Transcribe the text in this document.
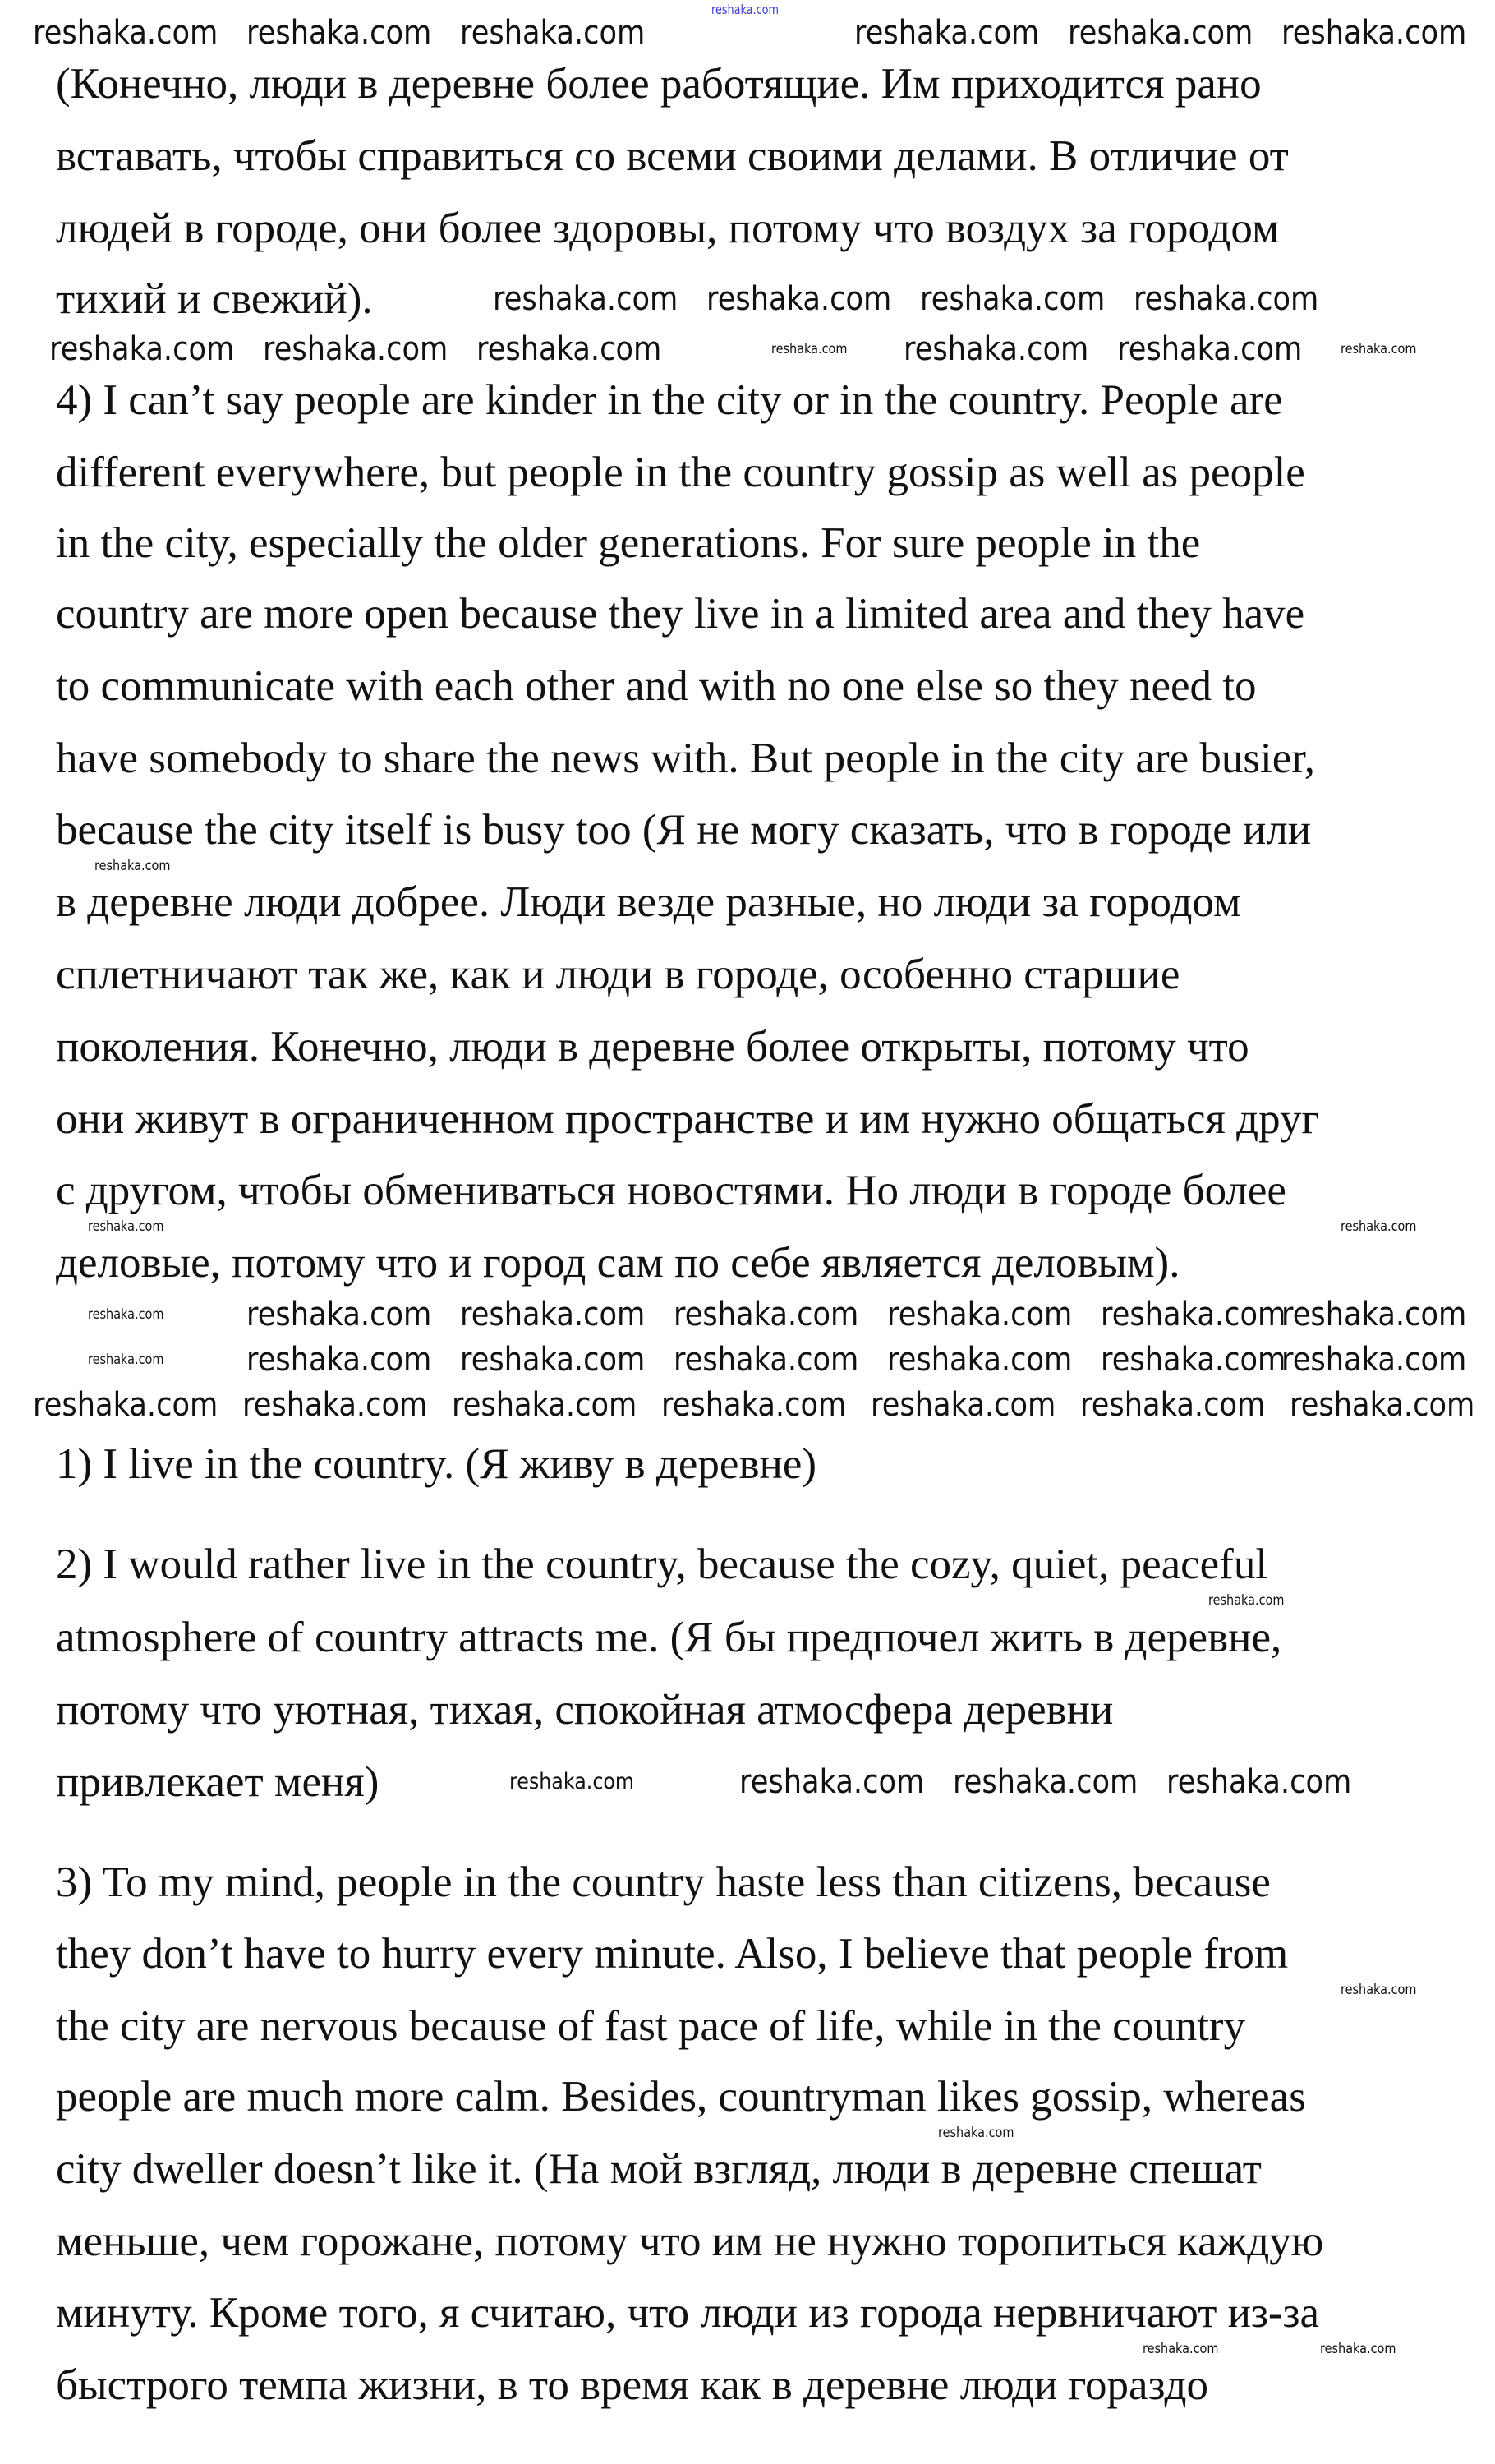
reshaka.com
(Конечно, люди в деревне более работящие. Им приходится рано
вставать, чтобы справиться со всеми своими делами. В отличие от
людей в городе, они более здоровы, потому что воздух за городом
тихий и свежий).
4) I can’t say people are kinder in the city or in the country. People are
different everywhere, but people in the country gossip as well as people
in the city, especially the older generations. For sure people in the
country are more open because they live in a limited area and they have
to communicate with each other and with no one else so they need to
have somebody to share the news with. But people in the city are busier,
because the city itself is busy too (Я не могу сказать, что в городе или
в деревне люди добрее. Люди везде разные, но люди за городом
сплетничают так же, как и люди в городе, особенно старшие
поколения. Конечно, люди в деревне более открыты, потому что
они живут в ограниченном пространстве и им нужно общаться друг
с другом, чтобы обмениваться новостями. Но люди в городе более
деловые, потому что и город сам по себе является деловым).
1) I live in the country. (Я живу в деревне)
2) I would rather live in the country, because the cozy, quiet, peaceful
atmosphere of country attracts me. (Я бы предпочел жить в деревне,
потому что уютная, тихая, спокойная атмосфера деревни
привлекает меня)
3) To my mind, people in the country haste less than citizens, because
they don’t have to hurry every minute. Also, I believe that people from
the city are nervous because of fast pace of life, while in the country
people are much more calm. Besides, countryman likes gossip, whereas
city dweller doesn’t like it. (На мой взгляд, люди в деревне спешат
меньше, чем горожане, потому что им не нужно торопиться каждую
минуту. Кроме того, я считаю, что люди из города нервничают из-за
быстрого темпа жизни, в то время как в деревне люди гораздо
reshaka.com reshaka.com reshaka.com	reshaka.com reshaka.com reshaka.com
reshaka.com reshaka.com reshaka.com reshaka.com
reshaka.com reshaka.com reshaka.com	reshaka.com reshaka.com reshaka.com	reshaka.com
reshaka.com
reshaka.com	reshaka.com
reshaka.com	reshaka.com reshaka.com reshaka.com reshaka.com reshaka.com
reshaka.com
reshaka.com	reshaka.com reshaka.com reshaka.com reshaka.com reshaka.com
reshaka.com
reshaka.com reshaka.com reshaka.com reshaka.com reshaka.com reshaka.com reshaka.com
reshaka.com
reshaka.com	reshaka.com reshaka.com reshaka.com
reshaka.com
reshaka.com
reshaka.com	reshaka.com
